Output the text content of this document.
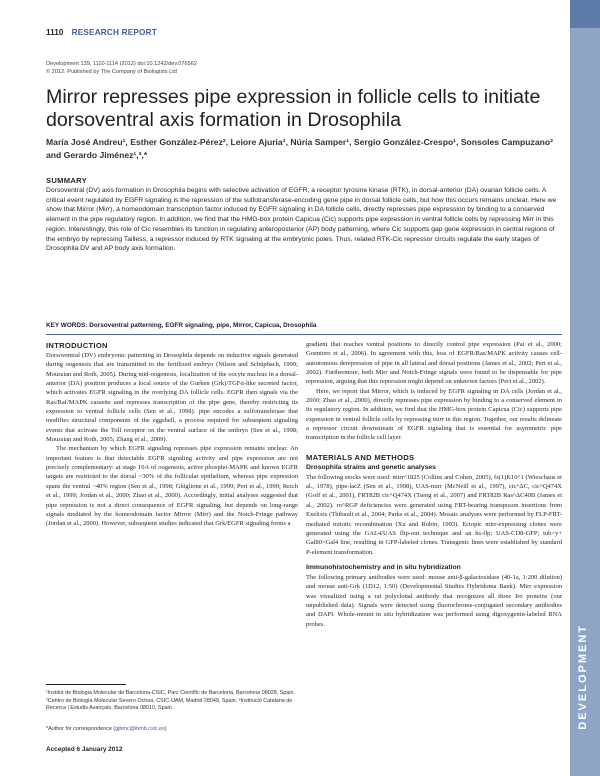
DEVELOPMENT
1110 RESEARCH REPORT
Development 139, 1110-1114 (2012) doi:10.1242/dev.076562
© 2012. Published by The Company of Biologists Ltd
Mirror represses pipe expression in follicle cells to initiate dorsoventral axis formation in Drosophila
María José Andreu¹, Esther González-Pérez², Leiore Ajuria¹, Núria Samper¹, Sergio González-Crespo¹, Sonsoles Campuzano² and Gerardo Jiménez¹,³,*
SUMMARY
Dorsoventral (DV) axis formation in Drosophila begins with selective activation of EGFR, a receptor tyrosine kinase (RTK), in dorsal-anterior (DA) ovarian follicle cells. A critical event regulated by EGFR signaling is the repression of the sulfotransferase-encoding gene pipe in dorsal follicle cells, but how this occurs remains unclear. Here we show that Mirror (Mirr), a homeodomain transcription factor induced by EGFR signaling in DA follicle cells, directly represses pipe expression by binding to a conserved element in the pipe regulatory region. In addition, we find that the HMG-box protein Capicua (Cic) supports pipe expression in ventral follicle cells by repressing Mirr in this region. Interestingly, this role of Cic resembles its function in regulating anteroposterior (AP) body patterning, where Cic supports gap gene expression in central regions of the embryo by repressing Tailless, a repressor induced by RTK signaling at the embryonic poles. Thus, related RTK-Cic repressor circuits regulate the early stages of Drosophila DV and AP body axis formation.
KEY WORDS: Dorsoventral patterning, EGFR signaling, pipe, Mirror, Capicua, Drosophila

INTRODUCTION

Dorsoventral (DV) embryonic patterning in Drosophila depends on inductive signals generated during oogenesis that are transmitted to the fertilized embryo (Nilson and Schüpbach, 1999; Moussian and Roth, 2005). During mid-oogenesis, localization of the oocyte nucleus in a dorsal-anterior (DA) position produces a local source of the Gurken (Grk)/TGFα-like secreted factor, which activates EGFR signaling in the overlying DA follicle cells. EGFR then signals via the Ras/Raf/MAPK cassette and represses transcription of the pipe gene, thereby restricting its expression to ventral follicle cells (Sen et al., 1998). pipe encodes a sulfotransferase that modifies structural components of the eggshell, a process required for subsequent signaling events that activate the Toll receptor on the ventral surface of the embryo (Sen et al., 1998; Moussian and Roth, 2005; Zhang et al., 2009).

The mechanism by which EGFR signaling represses pipe expression remains unclear. An important feature is that detectable EGFR signaling activity and pipe expression are not precisely complementary: at stage 10A of oogenesis, active phospho-MAPK and known EGFR targets are restricted to the dorsal ~30% of the follicular epithelium, whereas pipe expression spans the ventral ~40% region (Sen et al., 1998; Ghiglione et al., 1999; Peri et al., 1999; Reich et al., 1999; Jordan et al., 2000; Zhao et al., 2000). Accordingly, initial analyses suggested that pipe repression is not a direct consequence of EGFR signaling, but depends on long-range signals mediated by the homeodomain factor Mirror (Mirr) and the Notch-Fringe pathway (Jordan et al., 2000). However, subsequent studies indicated that Grk/EGFR signaling forms a

gradient that reaches ventral positions to directly control pipe expression (Pai et al., 2000; Goentoro et al., 2006). In agreement with this, loss of EGFR/Ras/MAPK activity causes cell-autonomous derepression of pipe in all lateral and dorsal positions (James et al., 2002; Peri et al., 2002). Furthermore, both Mirr and Notch-Fringe signals were found to be dispensable for pipe repression, arguing that this repression might depend on unknown factors (Peri et al., 2002).

Here, we report that Mirror, which is induced by EGFR signaling in DA cells (Jordan et al., 2000; Zhao et al., 2000), directly represses pipe expression by binding to a conserved element in its regulatory region. In addition, we find that the HMG-box protein Capicua (Cic) supports pipe expression in ventral follicle cells by repressing mirr in this region. Together, our results delineate a repressor circuit downstream of EGFR signaling that is essential for asymmetric pipe transcription in the follicle cell layer.

MATERIALS AND METHODS

Drosophila strains and genetic analyses

The following stocks were used: mirr^1825 (Collins and Cohen, 2005), fs(1)K10^1 (Wieschaus et al., 1978), pipe-lacZ (Sen et al., 1998), UAS-mirr (McNeill et al., 1997), cic^ΔC, cic^Q474X (Goff et al., 2001), FRT82B cic^Q474X (Tseng et al., 2007) and FRT82B Ras^ΔC40B (James et al., 2002). ro^RGP deficiencies were generated using FRT-bearing transposon insertions from Exelixis (Thibault et al., 2004; Parks et al., 2004). Mosaic analyses were performed by FLP-FRT-mediated mitotic recombination (Xu and Rubin, 1993). Ectopic mirr-expressing clones were generated using the GAL4/UAS flip-out technique and an hs-flp; UAS-CD8-GFP; tub>y+ Gal80>Gal4 line, resulting in GFP-labeled clones. Transgenic lines were established by standard P-element transformation.

Immunohistochemistry and in situ hybridization

The following primary antibodies were used: mouse anti-β-galactosidase (40-1a, 1:200 dilution) and mouse anti-Grk (1D12, 1:50) (Developmental Studies Hybridoma Bank). Mirr expression was visualized using a rat polyclonal antibody that recognizes all three Iro proteins (our unpublished data). Signals were detected using fluorochrome-conjugated secondary antibodies and DAPI. Whole-mount in situ hybridization was performed using digoxygenin-labeled RNA probes.

¹Institut de Biologia Molecular de Barcelona-CSIC, Parc Científic de Barcelona, Barcelona 08028, Spain. ²Centro de Biología Molecular Severo Ochoa, CSIC-UAM, Madrid 28049, Spain. ³Institució Catalana de Recerca i Estudis Avançats, Barcelona 08010, Spain.
*Author for correspondence (gjbmc@ibmb.csic.es)
Accepted 6 January 2012
